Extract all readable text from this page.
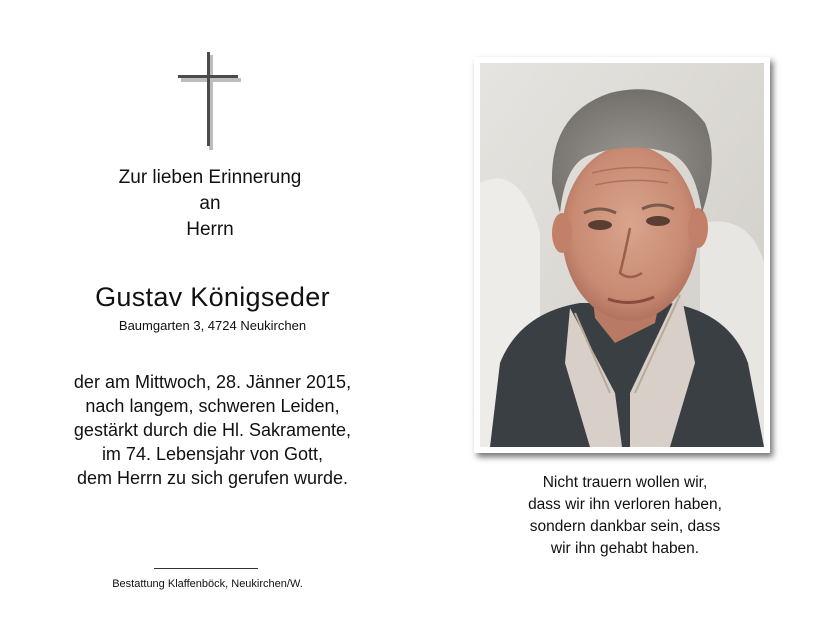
Zur lieben Erinnerung
an
Herrn
Gustav Königseder
Baumgarten 3, 4724 Neukirchen
der am Mittwoch, 28. Jänner 2015,
nach langem, schweren Leiden,
gestärkt durch die Hl. Sakramente,
im 74. Lebensjahr von Gott,
dem Herrn zu sich gerufen wurde.
Bestattung Klaffenböck, Neukirchen/W.
Nicht trauern wollen wir,
dass wir ihn verloren haben,
sondern dankbar sein, dass
wir ihn gehabt haben.
